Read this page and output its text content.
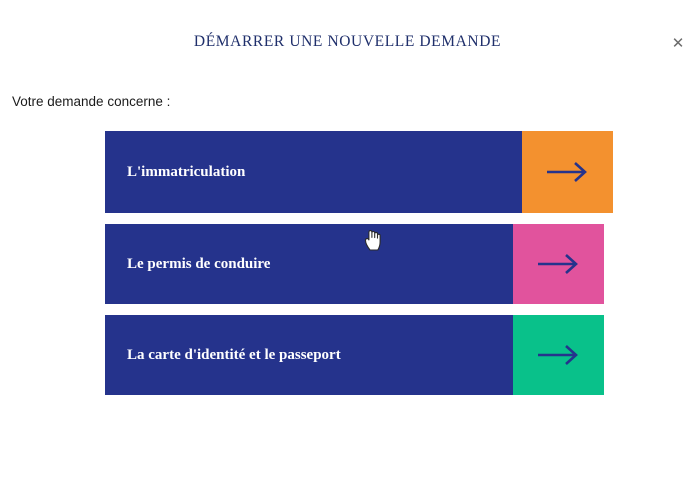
✕
DÉMARRER UNE NOUVELLE DEMANDE
Votre demande concerne :
L'immatriculation
Le permis de conduire
La carte d'identité et le passeport
